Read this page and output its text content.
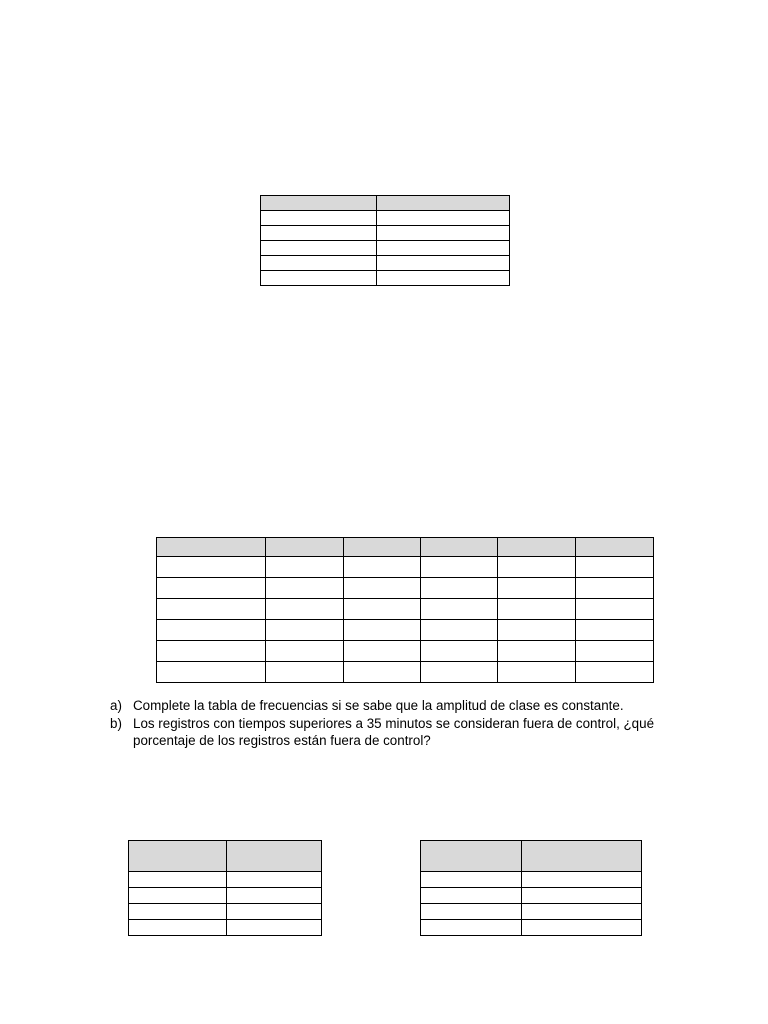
a) Complete la tabla de frecuencias si se sabe que la amplitud de clase es constante.
b) Los registros con tiempos superiores a 35 minutos se consideran fuera de control, ¿qué porcentaje de los registros están fuera de control?
